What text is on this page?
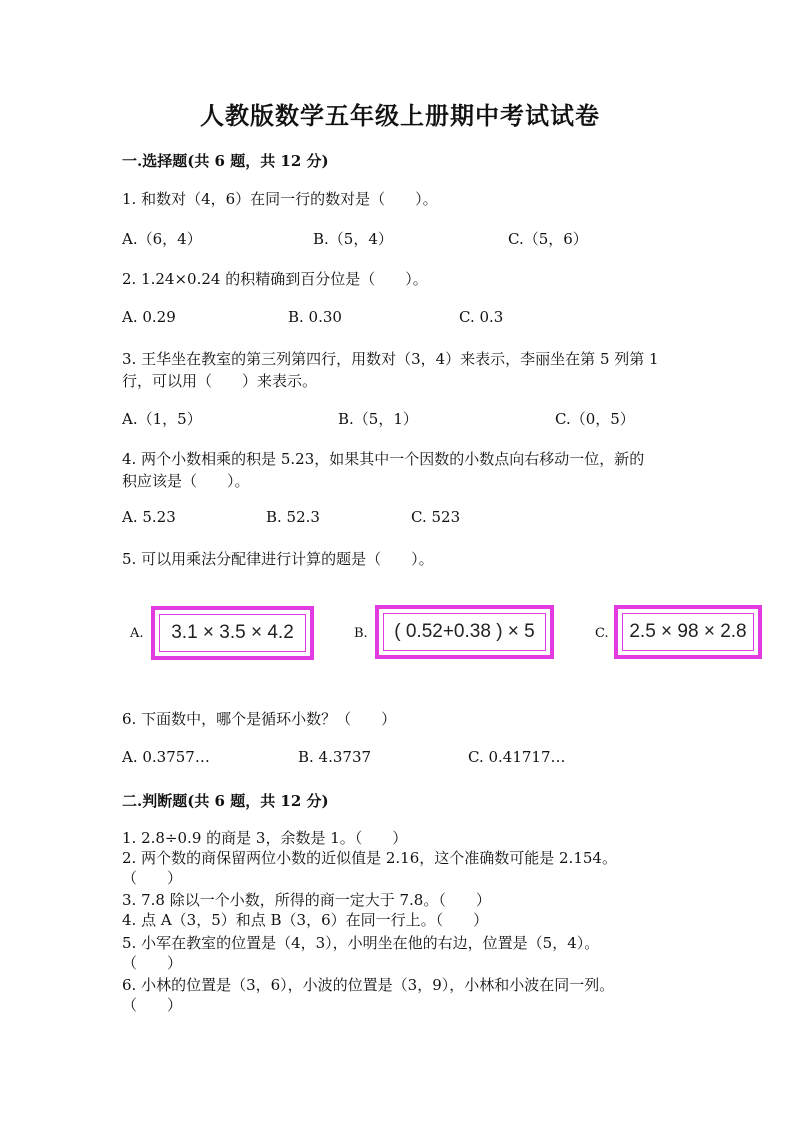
人教版数学五年级上册期中考试试卷
一.选择题(共 6 题，共 12 分)
1. 和数对（4，6）在同一行的数对是（　　）。
A.（6，4）	B.（5，4）	C.（5，6）
2. 1.24×0.24 的积精确到百分位是（　　）。
A. 0.29	B. 0.30	C. 0.3
3. 王华坐在教室的第三列第四行，用数对（3，4）来表示，李丽坐在第 5 列第 1
行，可以用（　　）来表示。
A.（1，5）	B.（5，1）	C.（0，5）
4. 两个小数相乘的积是 5.23，如果其中一个因数的小数点向右移动一位，新的
积应该是（　　）。
A. 5.23	B. 52.3	C. 523
5. 可以用乘法分配律进行计算的题是（　　）。
A. 3.1 × 3.5 × 4.2	B. ( 0.52+0.38 ) × 5	C. 2.5 × 98 × 2.8
6. 下面数中，哪个是循环小数？（　　）
A. 0.3757…	B. 4.3737	C. 0.41717…
二.判断题(共 6 题，共 12 分)
1. 2.8÷0.9 的商是 3，余数是 1。（　　）
2. 两个数的商保留两位小数的近似值是 2.16，这个准确数可能是 2.154。
（　　）
3. 7.8 除以一个小数，所得的商一定大于 7.8。（　　）
4. 点 A（3，5）和点 B（3，6）在同一行上。（　　）
5. 小军在教室的位置是（4，3），小明坐在他的右边，位置是（5，4）。
（　　）
6. 小林的位置是（3，6），小波的位置是（3，9），小林和小波在同一列。
（　　）
